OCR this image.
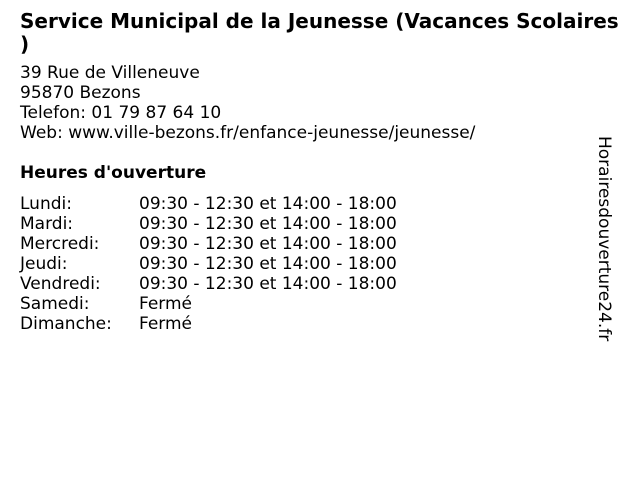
Service Municipal de la Jeunesse (Vacances Scolaires )
39 Rue de Villeneuve
95870 Bezons
Telefon: 01 79 87 64 10
Web: www.ville-bezons.fr/enfance-jeunesse/jeunesse/
Heures d'ouverture
Lundi:	09:30 - 12:30 et 14:00 - 18:00
Mardi:	09:30 - 12:30 et 14:00 - 18:00
Mercredi:	09:30 - 12:30 et 14:00 - 18:00
Jeudi:	09:30 - 12:30 et 14:00 - 18:00
Vendredi:	09:30 - 12:30 et 14:00 - 18:00
Samedi:	Fermé
Dimanche:	Fermé	Horairesdouverture24.fr
